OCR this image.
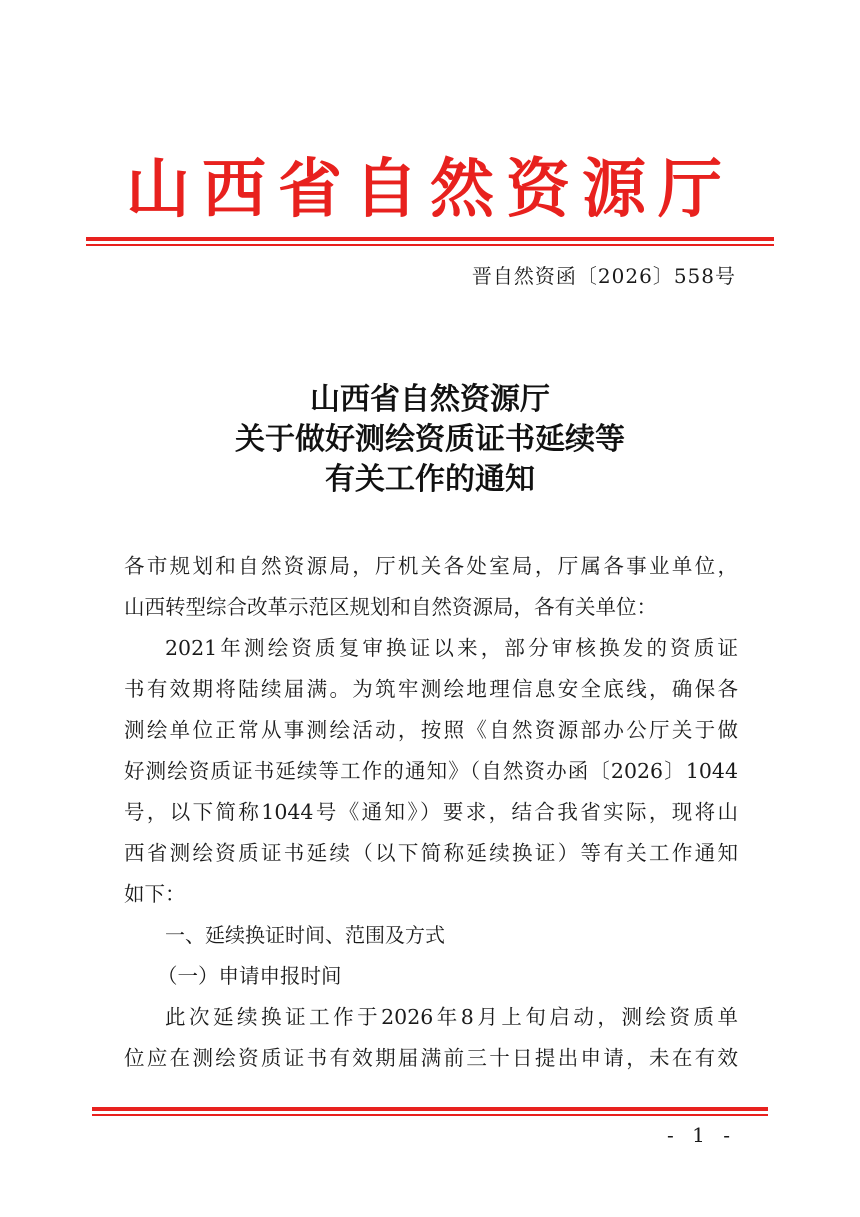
山西省自然资源厅
晋自然资函〔2026〕558号
山西省自然资源厅
关于做好测绘资质证书延续等
有关工作的通知
各市规划和自然资源局，厅机关各处室局，厅属各事业单位，
山西转型综合改革示范区规划和自然资源局，各有关单位：
2021年测绘资质复审换证以来，部分审核换发的资质证
书有效期将陆续届满。为筑牢测绘地理信息安全底线，确保各
测绘单位正常从事测绘活动，按照《自然资源部办公厅关于做
好测绘资质证书延续等工作的通知》（自然资办函〔2026〕1044
号，以下简称1044号《通知》）要求，结合我省实际，现将山
西省测绘资质证书延续（以下简称延续换证）等有关工作通知
如下：
一、延续换证时间、范围及方式
（一）申请申报时间
此次延续换证工作于2026年8月上旬启动，测绘资质单
位应在测绘资质证书有效期届满前三十日提出申请，未在有效
- 1 -
